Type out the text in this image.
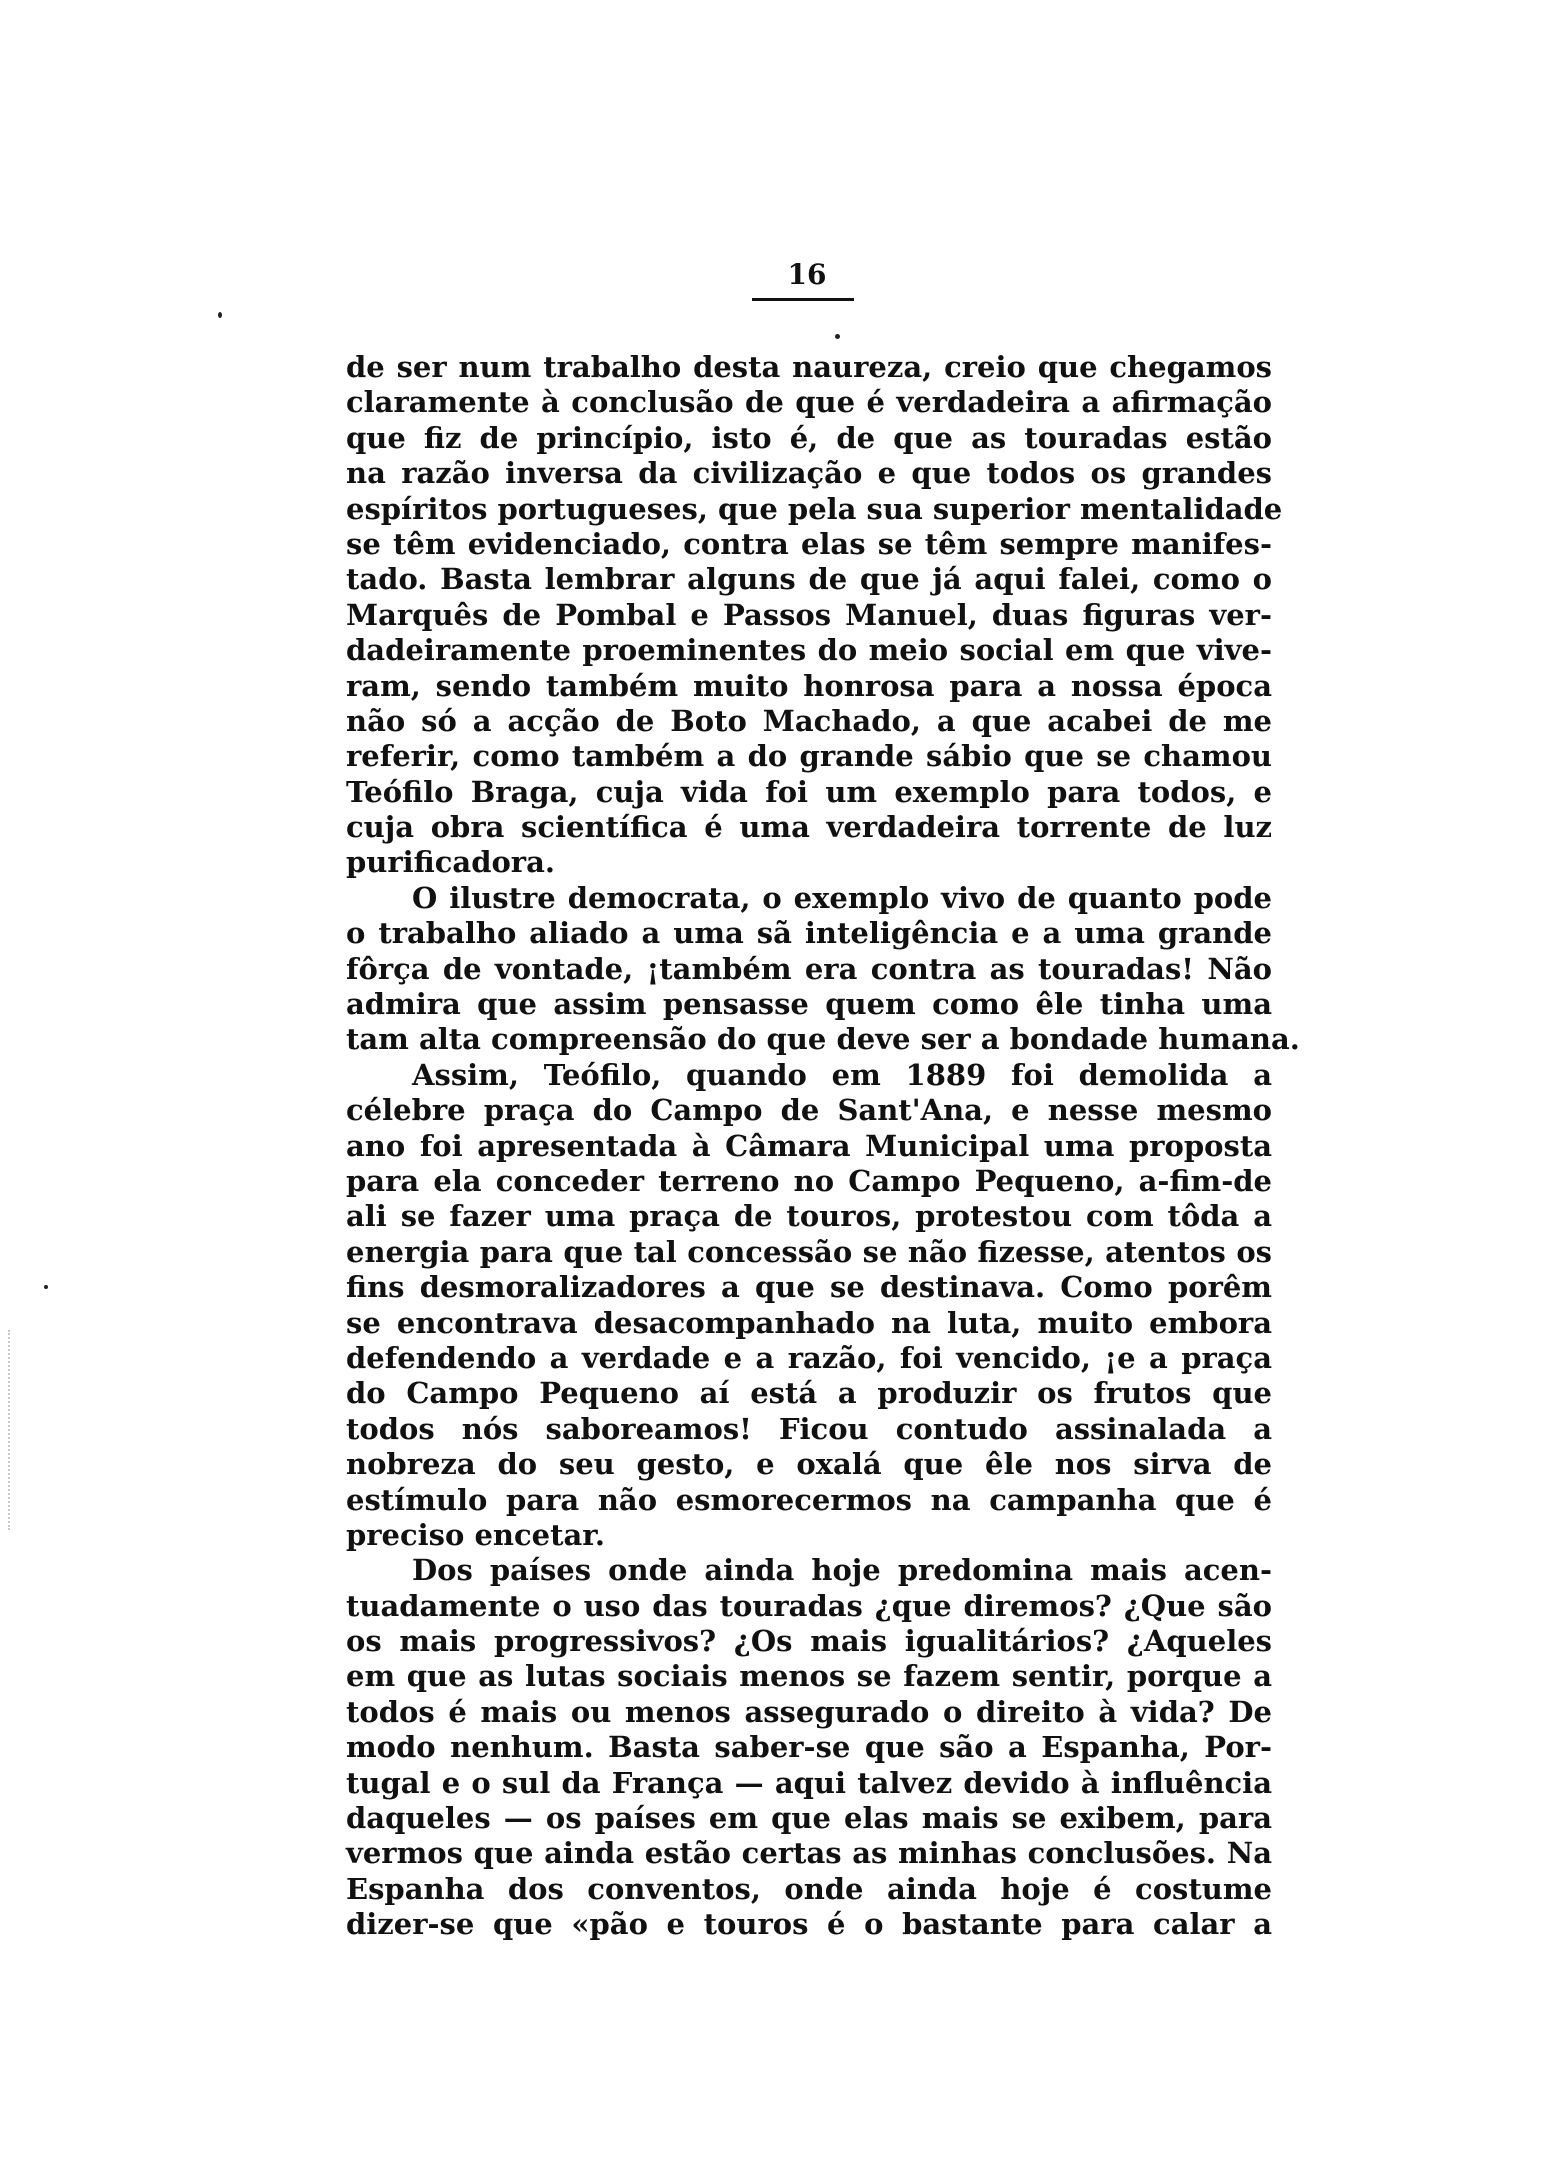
16
de ser num trabalho desta naureza, creio que chegamos
claramente à conclusão de que é verdadeira a afirmação
que fiz de princípio, isto é, de que as touradas estão
na razão inversa da civilização e que todos os grandes
espíritos portugueses, que pela sua superior mentalidade
se têm evidenciado, contra elas se têm sempre manifes-
tado. Basta lembrar alguns de que já aqui falei, como o
Marquês de Pombal e Passos Manuel, duas figuras ver-
dadeiramente proeminentes do meio social em que vive-
ram, sendo também muito honrosa para a nossa época
não só a acção de Boto Machado, a que acabei de me
referir, como também a do grande sábio que se chamou
Teófilo Braga, cuja vida foi um exemplo para todos, e
cuja obra scientífica é uma verdadeira torrente de luz
purificadora.
O ilustre democrata, o exemplo vivo de quanto pode
o trabalho aliado a uma sã inteligência e a uma grande
fôrça de vontade, ¡também era contra as touradas! Não
admira que assim pensasse quem como êle tinha uma
tam alta compreensão do que deve ser a bondade humana.
Assim, Teófilo, quando em 1889 foi demolida a
célebre praça do Campo de Sant'Ana, e nesse mesmo
ano foi apresentada à Câmara Municipal uma proposta
para ela conceder terreno no Campo Pequeno, a-fim-de
ali se fazer uma praça de touros, protestou com tôda a
energia para que tal concessão se não fizesse, atentos os
fins desmoralizadores a que se destinava. Como porêm
se encontrava desacompanhado na luta, muito embora
defendendo a verdade e a razão, foi vencido, ¡e a praça
do Campo Pequeno aí está a produzir os frutos que
todos nós saboreamos! Ficou contudo assinalada a
nobreza do seu gesto, e oxalá que êle nos sirva de
estímulo para não esmorecermos na campanha que é
preciso encetar.
Dos países onde ainda hoje predomina mais acen-
tuadamente o uso das touradas ¿que diremos? ¿Que são
os mais progressivos? ¿Os mais igualitários? ¿Aqueles
em que as lutas sociais menos se fazem sentir, porque a
todos é mais ou menos assegurado o direito à vida? De
modo nenhum. Basta saber-se que são a Espanha, Por-
tugal e o sul da França — aqui talvez devido à influência
daqueles — os países em que elas mais se exibem, para
vermos que ainda estão certas as minhas conclusões. Na
Espanha dos conventos, onde ainda hoje é costume
dizer-se que «pão e touros é o bastante para calar a
